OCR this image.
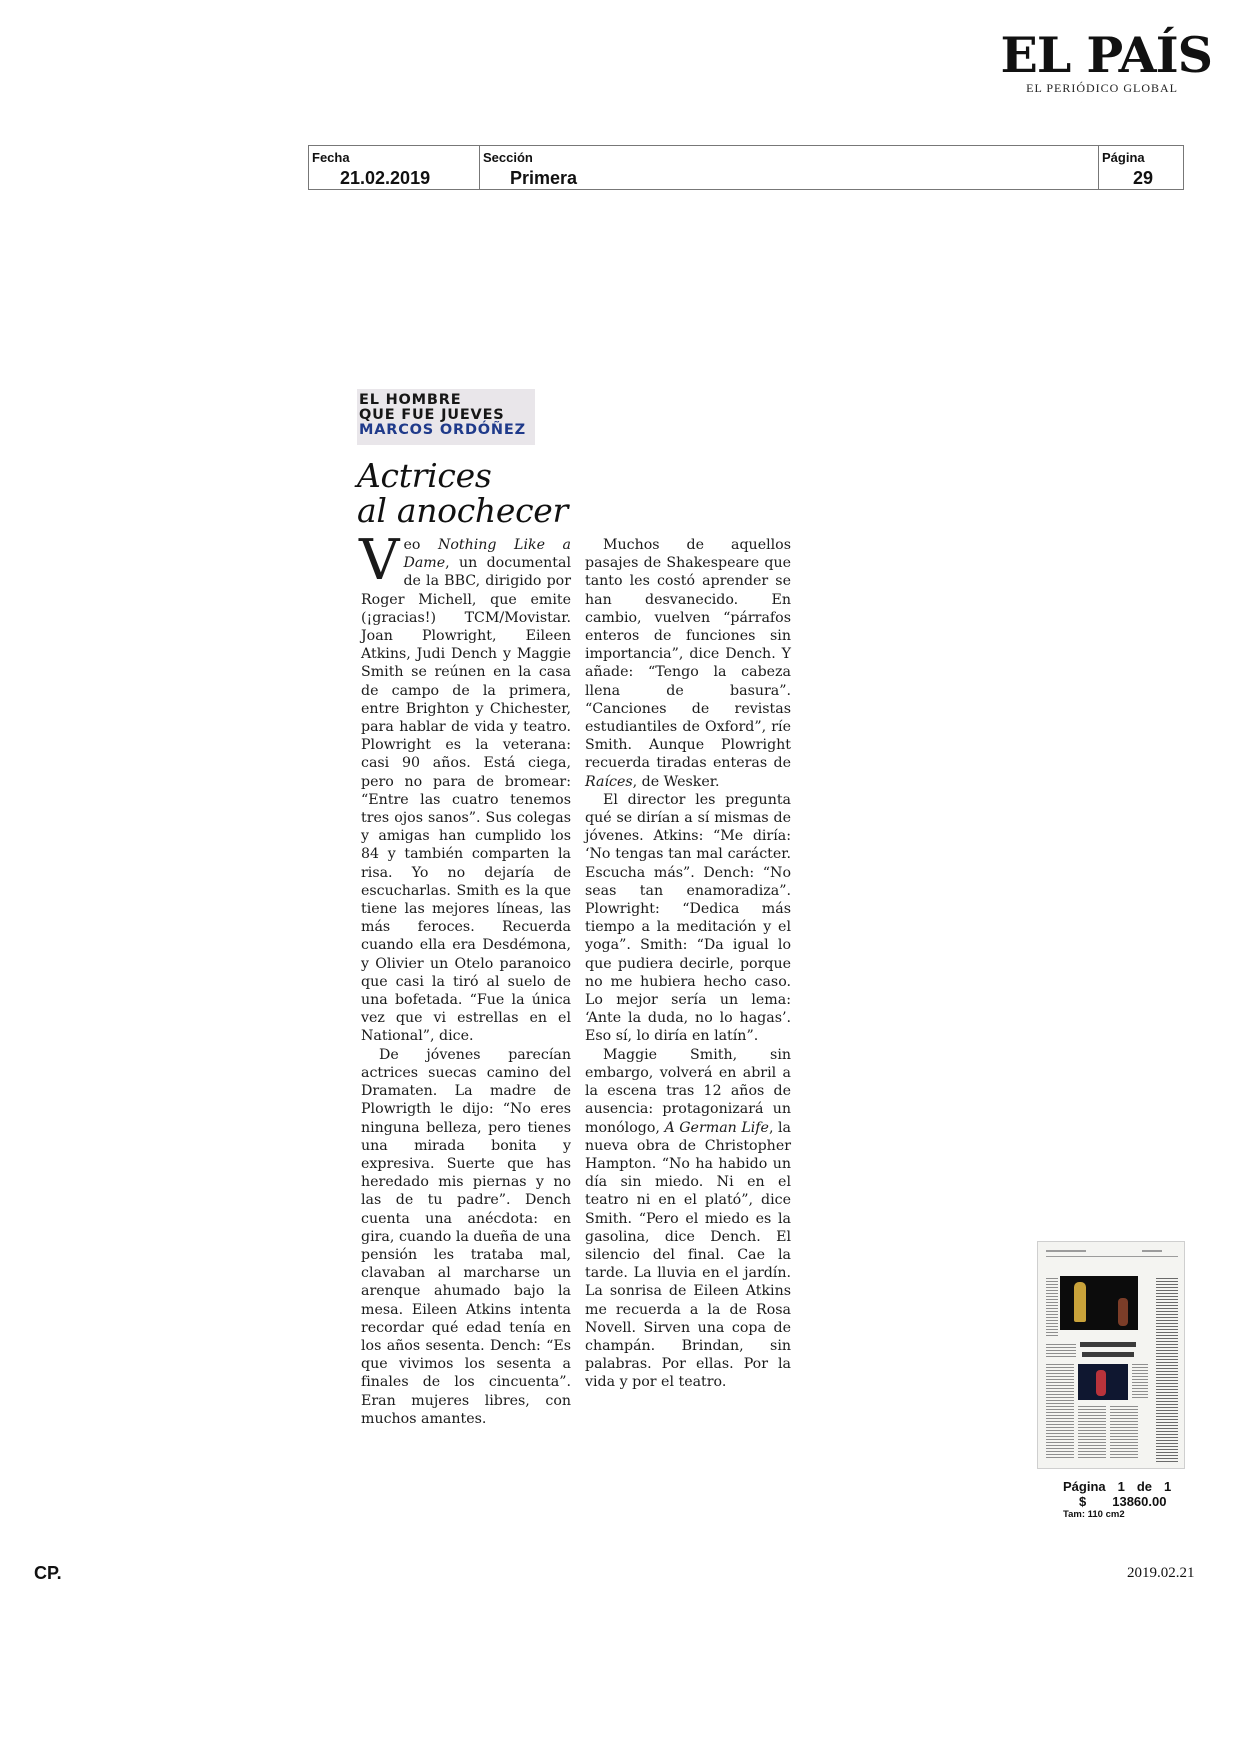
EL PAÍS
EL PERIÓDICO GLOBAL
Fecha
21.02.2019
Sección
Primera
Página
29
EL HOMBRE
QUE FUE JUEVES
MARCOS ORDÓÑEZ
Actrices
al anochecer

Veo Nothing Like a Dame, un documental de la BBC, dirigido por Roger Michell, que emite (¡gracias!) TCM/Movistar. Joan Plowright, Eileen Atkins, Judi Dench y Maggie Smith se reúnen en la casa de campo de la primera, entre Brighton y Chichester, para hablar de vida y teatro. Plowright es la veterana: casi 90 años. Está ciega, pero no para de bromear: “Entre las cuatro tenemos tres ojos sanos”. Sus colegas y amigas han cumplido los 84 y también comparten la risa. Yo no dejaría de escucharlas. Smith es la que tiene las mejores líneas, las más feroces. Recuerda cuando ella era Desdémona, y Olivier un Otelo paranoico que casi la tiró al suelo de una bofetada. “Fue la única vez que vi estrellas en el National”, dice.

De jóvenes parecían actrices suecas camino del Dramaten. La madre de Plowrigth le dijo: “No eres ninguna belleza, pero tienes una mirada bonita y expresiva. Suerte que has heredado mis piernas y no las de tu padre”. Dench cuenta una anécdota: en gira, cuando la dueña de una pensión les trataba mal, clavaban al marcharse un arenque ahumado bajo la mesa. Eileen Atkins intenta recordar qué edad tenía en los años sesenta. Dench: “Es que vivimos los sesenta a finales de los cincuenta”. Eran mujeres libres, con muchos amantes.

Muchos de aquellos pasajes de Shakespeare que tanto les costó aprender se han desvanecido. En cambio, vuelven “párrafos enteros de funciones sin importancia”, dice Dench. Y añade: “Tengo la cabeza llena de basura”. “Canciones de revistas estudiantiles de Oxford”, ríe Smith. Aunque Plowright recuerda tiradas enteras de Raíces, de Wesker.

El director les pregunta qué se dirían a sí mismas de jóvenes. Atkins: “Me diría: ‘No tengas tan mal carácter. Escucha más”. Dench: “No seas tan enamoradiza”. Plowright: “Dedica más tiempo a la meditación y el yoga”. Smith: “Da igual lo que pudiera decirle, porque no me hubiera hecho caso. Lo mejor sería un lema: ‘Ante la duda, no lo hagas’. Eso sí, lo diría en latín”.

Maggie Smith, sin embargo, volverá en abril a la escena tras 12 años de ausencia: protagonizará un monólogo, A German Life, la nueva obra de Christopher Hampton. “No ha habido un día sin miedo. Ni en el teatro ni en el plató”, dice Smith. “Pero el miedo es la gasolina, dice Dench. El silencio del final. Cae la tarde. La lluvia en el jardín. La sonrisa de Eileen Atkins me recuerda a la de Rosa Novell. Sirven una copa de champán. Brindan, sin palabras. Por ellas. Por la vida y por el teatro.

Página 1 de 1
$ 13860.00
Tam: 110 cm2
CP.	2019.02.21
